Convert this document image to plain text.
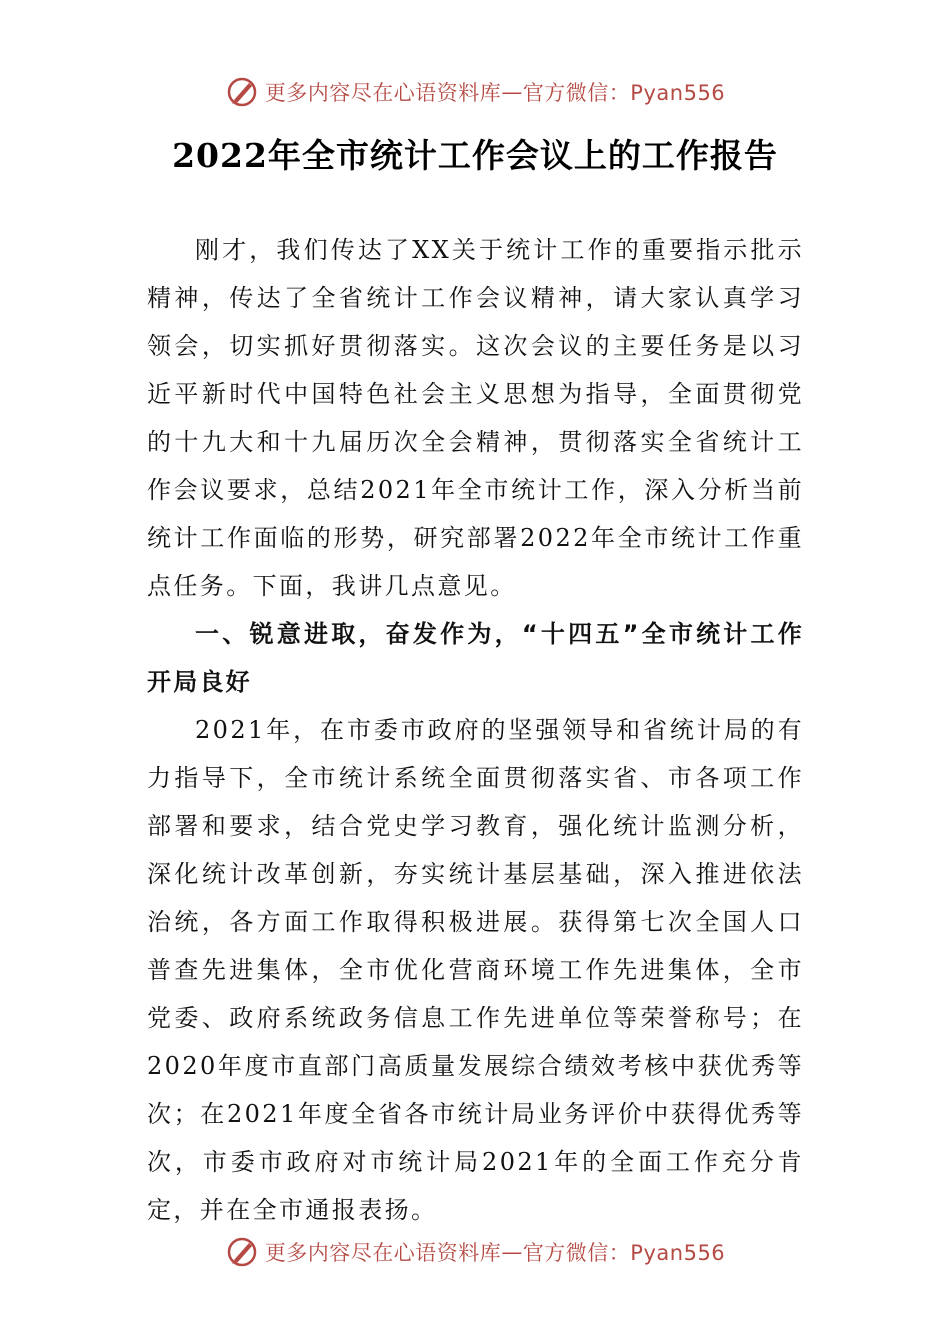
更多内容尽在心语资料库 — 官方微信：Pyan556
2022年全市统计工作会议上的工作报告

刚才，我们传达了XX关于统计工作的重要指示批示精神，传达了全省统计工作会议精神，请大家认真学习领会，切实抓好贯彻落实。这次会议的主要任务是以习近平新时代中国特色社会主义思想为指导，全面贯彻党的十九大和十九届历次全会精神，贯彻落实全省统计工作会议要求，总结2021年全市统计工作，深入分析当前统计工作面临的形势，研究部署2022年全市统计工作重点任务。下面，我讲几点意见。

一、锐意进取，奋发作为，“十四五”全市统计工作开局良好

2021年，在市委市政府的坚强领导和省统计局的有力指导下，全市统计系统全面贯彻落实省、市各项工作部署和要求，结合党史学习教育，强化统计监测分析，深化统计改革创新，夯实统计基层基础，深入推进依法治统，各方面工作取得积极进展。获得第七次全国人口普查先进集体，全市优化营商环境工作先进集体，全市党委、政府系统政务信息工作先进单位等荣誉称号；在2020年度市直部门高质量发展综合绩效考核中获优秀等次；在2021年度全省各市统计局业务评价中获得优秀等次，市委市政府对市统计局2021年的全面工作充分肯定，并在全市通报表扬。

更多内容尽在心语资料库 — 官方微信：Pyan556
